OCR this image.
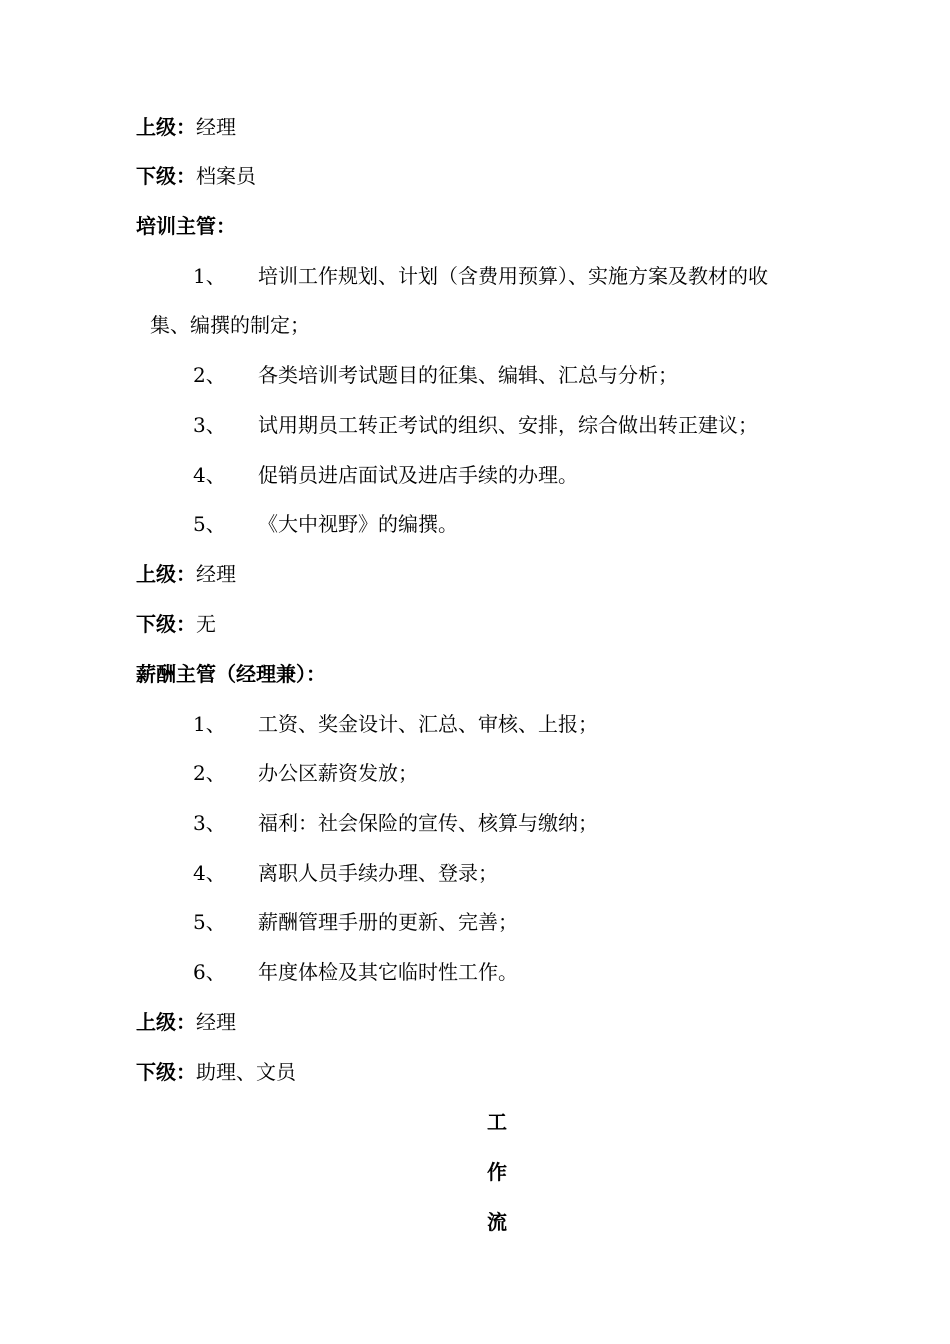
上级：经理
下级：档案员
培训主管：
1、 培训工作规划、计划（含费用预算）、实施方案及教材的收
集、编撰的制定；
2、 各类培训考试题目的征集、编辑、汇总与分析；
3、 试用期员工转正考试的组织、安排，综合做出转正建议；
4、 促销员进店面试及进店手续的办理。
5、 《大中视野》的编撰。
上级：经理
下级：无
薪酬主管（经理兼）：
1、 工资、奖金设计、汇总、审核、上报；
2、 办公区薪资发放；
3、 福利：社会保险的宣传、核算与缴纳；
4、 离职人员手续办理、登录；
5、 薪酬管理手册的更新、完善；
6、 年度体检及其它临时性工作。
上级：经理
下级：助理、文员
工
作
流
